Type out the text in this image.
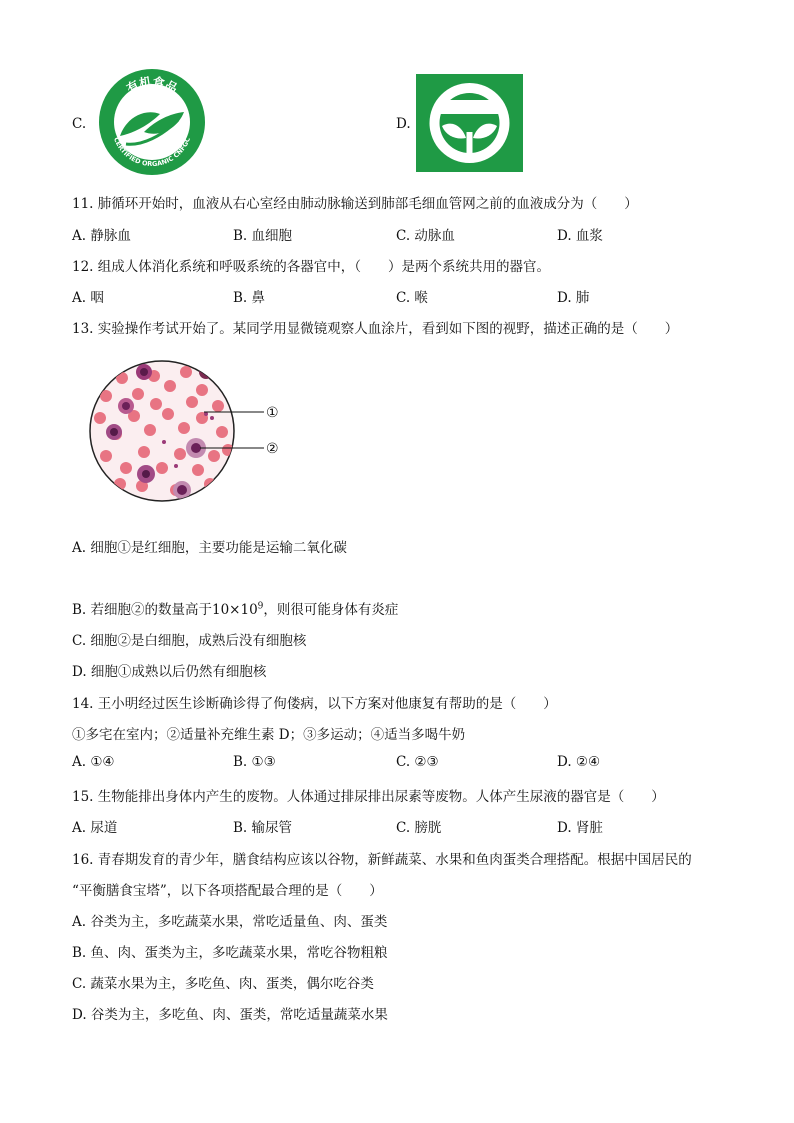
C.
有机食品
CERTIFIED ORGANIC CNFGC
D.
11. 肺循环开始时，血液从右心室经由肺动脉输送到肺部毛细血管网之前的血液成分为（　　）
A. 静脉血	B. 血细胞	C. 动脉血	D. 血浆
12. 组成人体消化系统和呼吸系统的各器官中，（　　）是两个系统共用的器官。
A. 咽	B. 鼻	C. 喉	D. 肺
13. 实验操作考试开始了。某同学用显微镜观察人血涂片，看到如下图的视野，描述正确的是（　　）
①
②
A. 细胞①是红细胞，主要功能是运输二氧化碳
B. 若细胞②的数量高于$10\times 10^9$，则很可能身体有炎症
C. 细胞②是白细胞，成熟后没有细胞核
D. 细胞①成熟以后仍然有细胞核
14. 王小明经过医生诊断确诊得了佝偻病，以下方案对他康复有帮助的是（　　）
①多宅在室内；②适量补充维生素 D；③多运动；④适当多喝牛奶
A. ①④	B. ①③	C. ②③	D. ②④
15. 生物能排出身体内产生的废物。人体通过排尿排出尿素等废物。人体产生尿液的器官是（　　）
A. 尿道	B. 输尿管	C. 膀胱	D. 肾脏
16. 青春期发育的青少年，膳食结构应该以谷物，新鲜蔬菜、水果和鱼肉蛋类合理搭配。根据中国居民的
“平衡膳食宝塔”，以下各项搭配最合理的是（　　）
A. 谷类为主，多吃蔬菜水果，常吃适量鱼、肉、蛋类
B. 鱼、肉、蛋类为主，多吃蔬菜水果，常吃谷物粗粮
C. 蔬菜水果为主，多吃鱼、肉、蛋类，偶尔吃谷类
D. 谷类为主，多吃鱼、肉、蛋类，常吃适量蔬菜水果
